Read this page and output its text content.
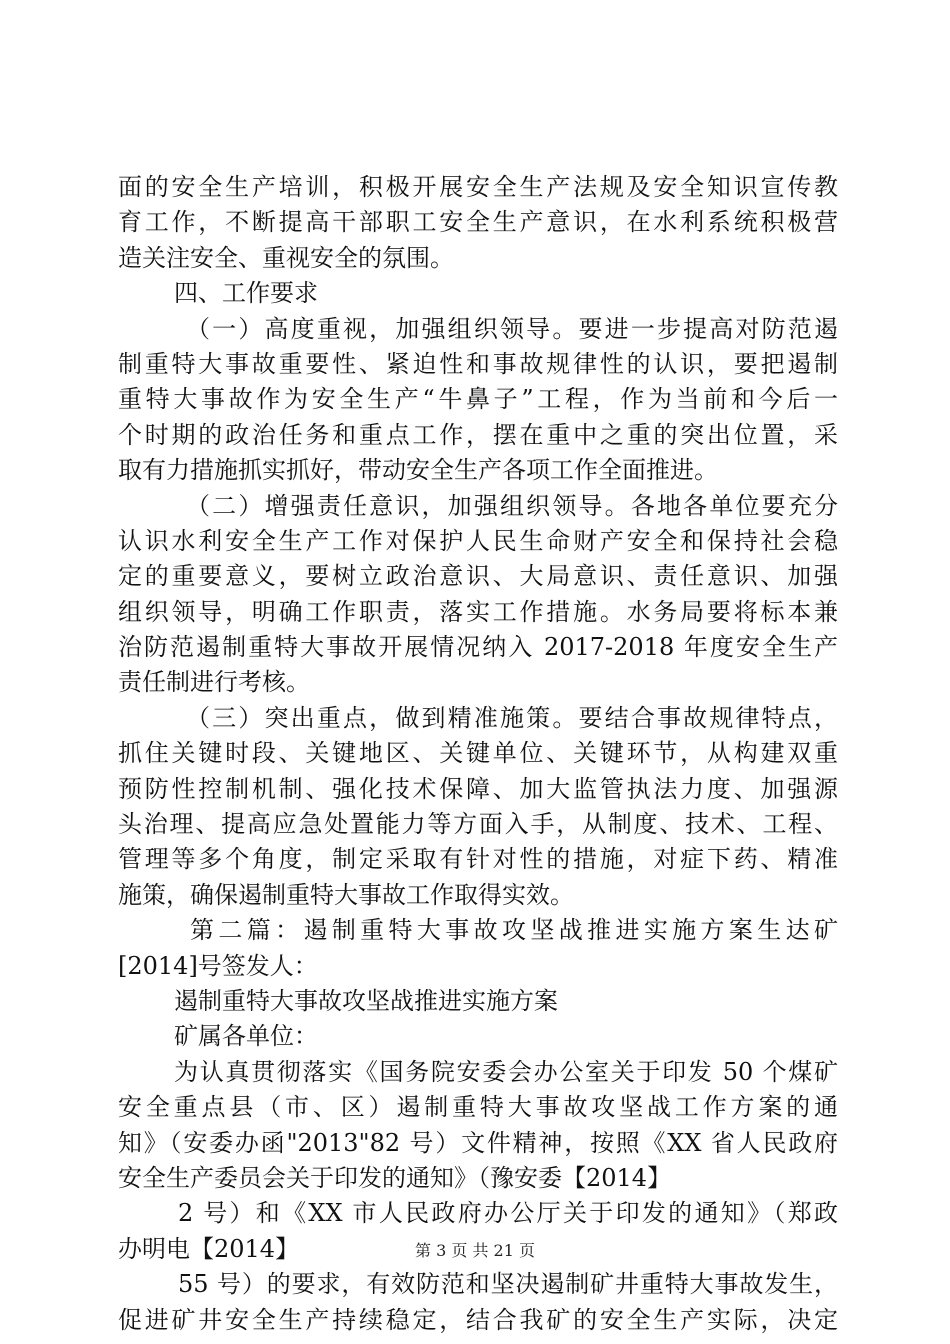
面的安全生产培训，积极开展安全生产法规及安全知识宣传教
育工作，不断提高干部职工安全生产意识，在水利系统积极营
造关注安全、重视安全的氛围。
四、工作要求
（一）高度重视，加强组织领导。要进一步提高对防范遏
制重特大事故重要性、紧迫性和事故规律性的认识，要把遏制
重特大事故作为安全生产“牛鼻子”工程，作为当前和今后一
个时期的政治任务和重点工作，摆在重中之重的突出位置，采
取有力措施抓实抓好，带动安全生产各项工作全面推进。
（二）增强责任意识，加强组织领导。各地各单位要充分
认识水利安全生产工作对保护人民生命财产安全和保持社会稳
定的重要意义，要树立政治意识、大局意识、责任意识、加强
组织领导，明确工作职责，落实工作措施。水务局要将标本兼
治防范遏制重特大事故开展情况纳入 2017-2018 年度安全生产
责任制进行考核。
（三）突出重点，做到精准施策。要结合事故规律特点，
抓住关键时段、关键地区、关键单位、关键环节，从构建双重
预防性控制机制、强化技术保障、加大监管执法力度、加强源
头治理、提高应急处置能力等方面入手，从制度、技术、工程、
管理等多个角度，制定采取有针对性的措施，对症下药、精准
施策，确保遏制重特大事故工作取得实效。
第二篇：遏制重特大事故攻坚战推进实施方案生达矿
[2014]号签发人：
遏制重特大事故攻坚战推进实施方案
矿属各单位：
为认真贯彻落实《国务院安委会办公室关于印发 50 个煤矿
安全重点县（市、区）遏制重特大事故攻坚战工作方案的通
知》（安委办函"2013"82 号）文件精神，按照《XX 省人民政府
安全生产委员会关于印发的通知》（豫安委【2014】
2 号）和《XX 市人民政府办公厅关于印发的通知》（郑政
办明电【2014】
55 号）的要求，有效防范和坚决遏制矿井重特大事故发生，
促进矿井安全生产持续稳定，结合我矿的安全生产实际，决定
第 3 页 共 21 页
